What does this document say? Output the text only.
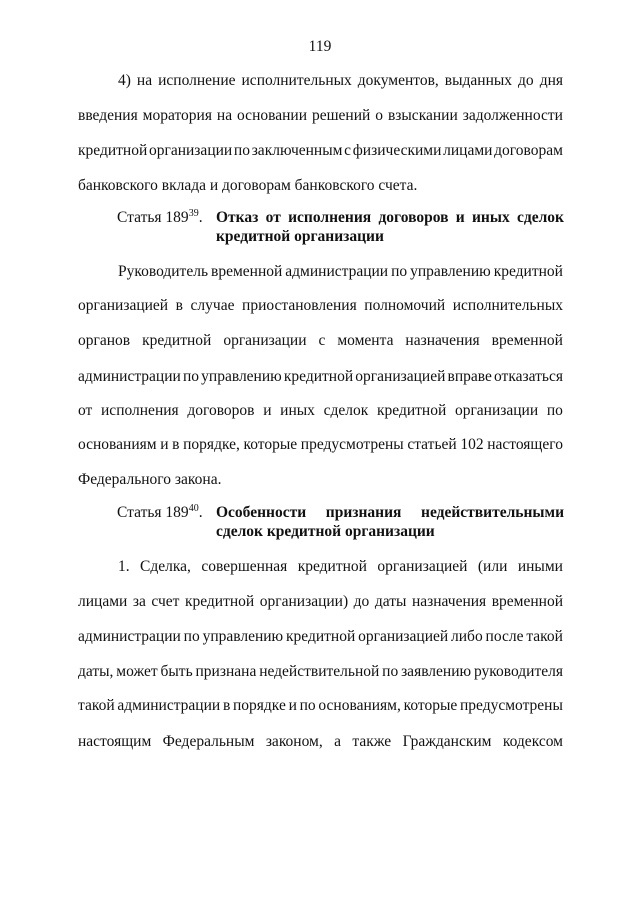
119
4) на исполнение исполнительных документов, выданных до дня
введения моратория на основании решений о взыскании задолженности
кредитной организации по заключенным с физическими лицами договорам
банковского вклада и договорам банковского счета.
Статья $189^{39}$. Отказ от исполнения договоров и иных сделок кредитной организации
Руководитель временной администрации по управлению кредитной
организацией в случае приостановления полномочий исполнительных
органов кредитной организации с момента назначения временной
администрации по управлению кредитной организацией вправе отказаться
от исполнения договоров и иных сделок кредитной организации по
основаниям и в порядке, которые предусмотрены статьей 102 настоящего
Федерального закона.
Статья $189^{40}$. Особенности признания недействительными сделок кредитной организации
1. Сделка, совершенная кредитной организацией (или иными
лицами за счет кредитной организации) до даты назначения временной
администрации по управлению кредитной организацией либо после такой
даты, может быть признана недействительной по заявлению руководителя
такой администрации в порядке и по основаниям, которые предусмотрены
настоящим Федеральным законом, а также Гражданским кодексом
